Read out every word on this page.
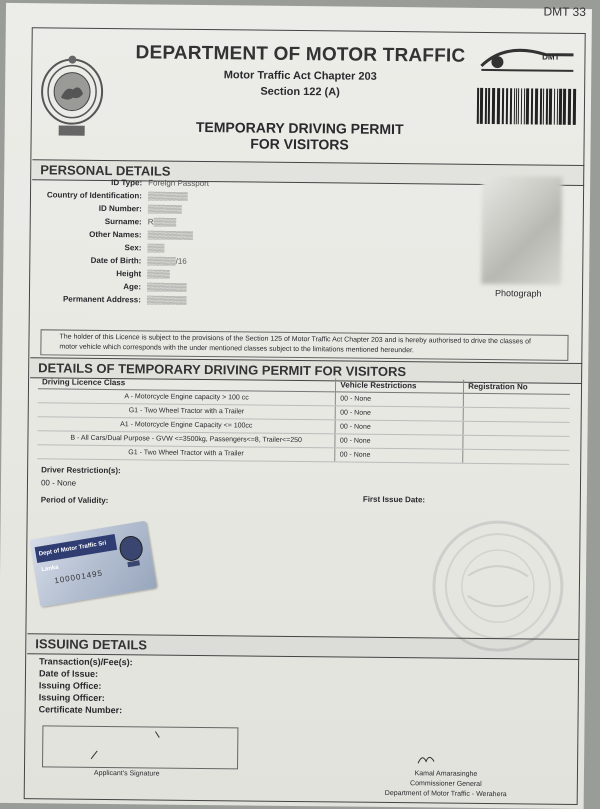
DMT 33
DEPARTMENT OF MOTOR TRAFFIC
Motor Traffic Act Chapter 203
Section 122 (A)
TEMPORARY DRIVING PERMIT
FOR VISITORS
DMT
PERSONAL DETAILS
ID Type: Foreign Passport
Country of Identification: ▒▒▒▒▒▒▒
ID Number: ▒▒▒▒▒▒
Surname: R▒▒▒▒
Other Names: ▒▒▒▒▒▒▒▒
Sex: ▒▒▒
Date of Birth: ▒▒▒▒▒/16
Height ▒▒▒▒
Age: ▒▒▒▒▒▒▒
Permanent Address: ▒▒▒▒▒▒▒
Photograph
The holder of this Licence is subject to the provisions of the Section 125 of Motor Traffic Act Chapter 203 and is hereby authorised to drive the classes of motor vehicle which corresponds with the under mentioned classes subject to the limitations mentioned hereunder.
DETAILS OF TEMPORARY DRIVING PERMIT FOR VISITORS
Driving Licence Class	Vehicle Restrictions	Registration No
A - Motorcycle Engine capacity > 100 cc	00 - None	
G1 - Two Wheel Tractor with a Trailer	00 - None	
A1 - Motorcycle Engine Capacity <= 100cc	00 - None	
B - All Cars/Dual Purpose - GVW <=3500kg, Passengers<=8, Trailer<=250	00 - None	
G1 - Two Wheel Tractor with a Trailer	00 - None	
Driver Restriction(s):
00 - None
Period of Validity:	First Issue Date:
Dept of Motor Traffic Sri Lanka
100001495
ISSUING DETAILS
Transaction(s)/Fee(s):
Date of Issue:
Issuing Office:
Issuing Officer:
Certificate Number:
Applicant's Signature	Kamal Amarasinghe
Commissioner General
Department of Motor Traffic - Werahera
